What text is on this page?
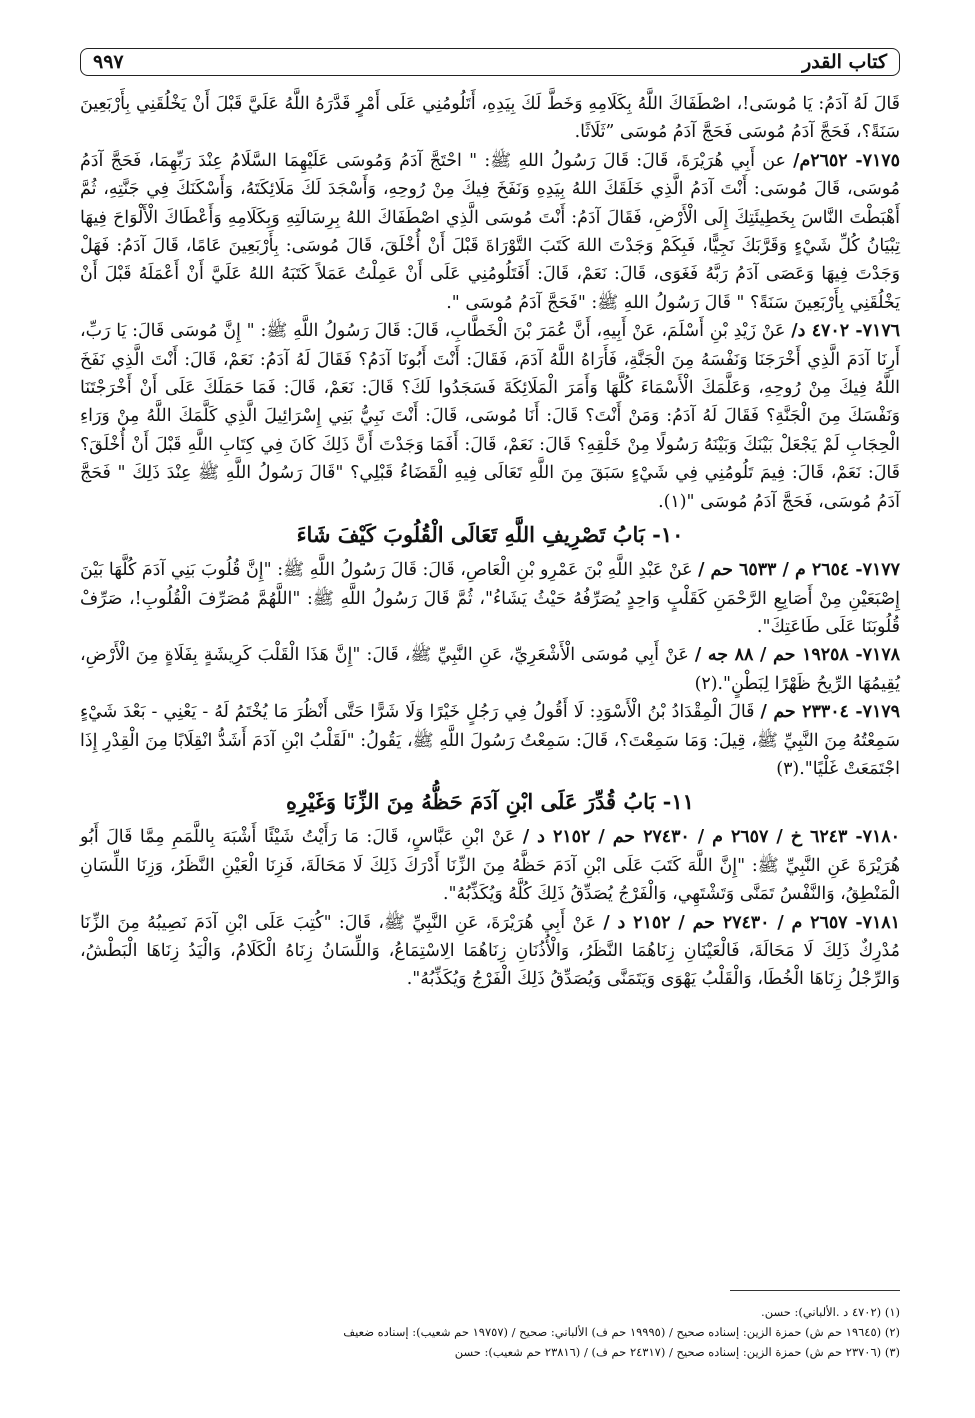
كتاب القدر
٩٩٧

قَالَ لَهُ آدَمُ: يَا مُوسَى!، اصْطَفَاكَ اللَّهُ بِكَلَامِهِ وَخَطَّ لَكَ بِيَدِهِ، أَتَلُومُنِي عَلَى أَمْرٍ قَدَّرَهُ اللَّهُ عَلَيَّ قَبْلَ أَنْ يَخْلُقَنِي بِأَرْبَعِينَ سَنَةً؟، فَحَجَّ آدَمُ مُوسَى فَحَجَّ آدَمُ مُوسَى ”ثَلَاثًا.

٧١٧٥- ٢٦٥٢م/ عن أَبِي هُرَيْرَةَ، قَالَ: قَالَ رَسُولُ اللهِ ﷺ: " احْتَجَّ آدَمُ وَمُوسَى عَلَيْهِمَا السَّلَامُ عِنْدَ رَبِّهِمَا، فَحَجَّ آدَمُ مُوسَى، قَالَ مُوسَى: أَنْتَ آدَمُ الَّذِي خَلَقَكَ اللهُ بِيَدِهِ وَنَفَخَ فِيكَ مِنْ رُوحِهِ، وَأَسْجَدَ لَكَ مَلَائِكَتَهُ، وَأَسْكَنَكَ فِي جَنَّتِهِ، ثُمَّ أَهْبَطْتَ النَّاسَ بِخَطِيئَتِكَ إِلَى الْأَرْضِ، فَقَالَ آدَمُ: أَنْتَ مُوسَى الَّذِي اصْطَفَاكَ اللهُ بِرِسَالَتِهِ وَبِكَلَامِهِ وَأَعْطَاكَ الْأَلْوَاحَ فِيهَا تِبْيَانُ كُلِّ شَيْءٍ وَقَرَّبَكَ نَجِيًّا، فَبِكَمْ وَجَدْتَ اللهَ كَتَبَ التَّوْرَاةَ قَبْلَ أَنْ أُخْلَقَ، قَالَ مُوسَى: بِأَرْبَعِينَ عَامًا، قَالَ آدَمُ: فَهَلْ وَجَدْتَ فِيهَا وَعَصَى آدَمُ رَبَّهُ فَغَوَى، قَالَ: نَعَمْ، قَالَ: أَفَتَلُومُنِي عَلَى أَنْ عَمِلْتُ عَمَلاً كَتَبَهُ اللهُ عَلَيَّ أَنْ أَعْمَلَهُ قَبْلَ أَنْ يَخْلُقَنِي بِأَرْبَعِينَ سَنَةً؟ " قَالَ رَسُولُ اللهِ ﷺ: "فَحَجَّ آدَمُ مُوسَى ".

٧١٧٦- ٤٧٠٢ د/ عَنْ زَيْدِ بْنِ أَسْلَمَ، عَنْ أَبِيهِ، أَنَّ عُمَرَ بْنَ الْخَطَّابِ، قَالَ: قَالَ رَسُولُ اللَّهِ ﷺ: " إِنَّ مُوسَى قَالَ: يَا رَبِّ، أَرِنَا آدَمَ الَّذِي أَخْرَجَنَا وَنَفْسَهُ مِنَ الْجَنَّةِ، فَأَرَاهُ اللَّهُ آدَمَ، فَقَالَ: أَنْتَ أَبُونَا آدَمُ؟ فَقَالَ لَهُ آدَمُ: نَعَمْ، قَالَ: أَنْتَ الَّذِي نَفَخَ اللَّهُ فِيكَ مِنْ رُوحِهِ، وَعَلَّمَكَ الْأَسْمَاءَ كُلَّهَا وَأَمَرَ الْمَلَائِكَةَ فَسَجَدُوا لَكَ؟ قَالَ: نَعَمْ، قَالَ: فَمَا حَمَلَكَ عَلَى أَنْ أَخْرَجْتَنَا وَنَفْسَكَ مِنَ الْجَنَّةِ؟ فَقَالَ لَهُ آدَمُ: وَمَنْ أَنْتَ؟ قَالَ: أَنَا مُوسَى، قَالَ: أَنْتَ نَبِيُّ بَنِي إِسْرَائِيلَ الَّذِي كَلَّمَكَ اللَّهُ مِنْ وَرَاءِ الْحِجَابِ لَمْ يَجْعَلْ بَيْنَكَ وَبَيْنَهُ رَسُولًا مِنْ خَلْقِهِ؟ قَالَ: نَعَمْ، قَالَ: أَفَمَا وَجَدْتَ أَنَّ ذَلِكَ كَانَ فِي كِتَابِ اللَّهِ قَبْلَ أَنْ أُخْلَقَ؟ قَالَ: نَعَمْ، قَالَ: فِيمَ تَلُومُنِي فِي شَيْءٍ سَبَقَ مِنَ اللَّهِ تَعَالَى فِيهِ الْقَضَاءُ قَبْلِي؟ "قَالَ رَسُولُ اللَّهِ ﷺ عِنْدَ ذَلِكَ " فَحَجَّ آدَمُ مُوسَى، فَحَجَّ آدَمُ مُوسَى "(١).

١٠- بَابُ تَصْرِيفِ اللَّهِ تَعَالَى الْقُلُوبَ كَيْفَ شَاءَ

٧١٧٧- ٢٦٥٤ م / ٦٥٣٣ حم / عَنْ عَبْدِ اللَّهِ بْنَ عَمْرِو بْنِ الْعَاصِ، قَالَ: قَالَ رَسُولُ اللَّهِ ﷺ: "إِنَّ قُلُوبَ بَنِي آدَمَ كُلَّهَا بَيْنَ إِصْبَعَيْنِ مِنْ أَصَابِعِ الرَّحْمَنِ كَقَلْبٍ وَاحِدٍ يُصَرِّفُهُ حَيْثُ يَشَاءُ"، ثُمَّ قَالَ رَسُولُ اللَّهِ ﷺ: "اللَّهُمَّ مُصَرِّفَ الْقُلُوبِ!، صَرِّفْ قُلُوبَنَا عَلَى طَاعَتِكَ".

٧١٧٨- ١٩٢٥٨ حم / ٨٨ جه / عَنْ أَبِي مُوسَى الْأَشْعَرِيِّ، عَنِ النَّبِيِّ ﷺ، قَالَ: "إِنَّ هَذَا الْقَلْبَ كَرِيشَةٍ بِفَلَاةٍ مِنَ الْأَرْضِ، يُقِيمُهَا الرِّيحُ ظَهْرًا لِبَطْنٍ".(٢)

٧١٧٩- ٢٣٣٠٤ حم / قَالَ الْمِقْدَادُ بْنُ الْأَسْوَدِ: لَا أَقُولُ فِي رَجُلٍ خَيْرًا وَلَا شَرًّا حَتَّى أَنْظُرَ مَا يُخْتَمُ لَهُ - يَعْنِي - بَعْدَ شَيْءٍ سَمِعْتُهُ مِنَ النَّبِيِّ ﷺ، قِيلَ: وَمَا سَمِعْتَ؟، قَالَ: سَمِعْتُ رَسُولَ اللَّهِ ﷺ، يَقُولُ: "لَقَلْبُ ابْنِ آدَمَ أَشَدُّ انْقِلَابًا مِنَ الْقِدْرِ إِذَا اجْتَمَعَتْ غَلْيًا".(٣)

١١- بَابُ قُدِّرَ عَلَى ابْنِ آدَمَ حَظُّهُ مِنَ الزِّنَا وَغَيْرِهِ

٧١٨٠- ٦٢٤٣ خ / ٢٦٥٧ م / ٢٧٤٣٠ حم / ٢١٥٢ د / عَنْ ابْنِ عَبَّاسٍ، قَالَ: مَا رَأَيْتُ شَيْئًا أَشْبَهَ بِاللَّمَمِ مِمَّا قَالَ أَبُو هُرَيْرَةَ عَنِ النَّبِيِّ ﷺ: "إِنَّ اللَّهَ كَتَبَ عَلَى ابْنِ آدَمَ حَظَّهُ مِنَ الزِّنَا أَدْرَكَ ذَلِكَ لَا مَحَالَةَ، فَزِنَا الْعَيْنِ النَّظَرُ، وَزِنَا اللِّسَانِ الْمَنْطِقُ، وَالنَّفْسُ تَمَنَّى وَتَشْتَهِي، وَالْفَرْجُ يُصَدِّقُ ذَلِكَ كُلَّهُ وَيُكَذِّبُهُ".

٧١٨١- ٢٦٥٧ م / ٢٧٤٣٠ حم / ٢١٥٢ د / عَنْ أَبِي هُرَيْرَةَ، عَنِ النَّبِيِّ ﷺ، قَالَ: "كُتِبَ عَلَى ابْنِ آدَمَ نَصِيبُهُ مِنَ الزِّنَا مُدْرِكٌ ذَلِكَ لَا مَحَالَةَ، فَالْعَيْنَانِ زِنَاهُمَا النَّظَرُ، وَالْأُذُنَانِ زِنَاهُمَا الِاسْتِمَاعُ، وَاللِّسَانُ زِنَاهُ الْكَلَامُ، وَالْيَدُ زِنَاهَا الْبَطْشُ، وَالرِّجْلُ زِنَاهَا الْخُطَا، وَالْقَلْبُ يَهْوَى وَيَتَمَنَّى وَيُصَدِّقُ ذَلِكَ الْفَرْجُ وَيُكَذِّبُهُ".

(١) (٤٧٠٢ د .الألباني): حسن.
(٢) (١٩٦٤٥ حم ش) حمزة الزين: إسناده صحيح / (١٩٩٩٥ حم ف) الألباني: صحيح / (١٩٧٥٧ حم شعيب): إسناده ضعيف
(٣) (٢٣٧٠٦ حم ش) حمزة الزين: إسناده صحيح / (٢٤٣١٧ حم ف) / (٢٣٨١٦ حم شعيب): حسن
